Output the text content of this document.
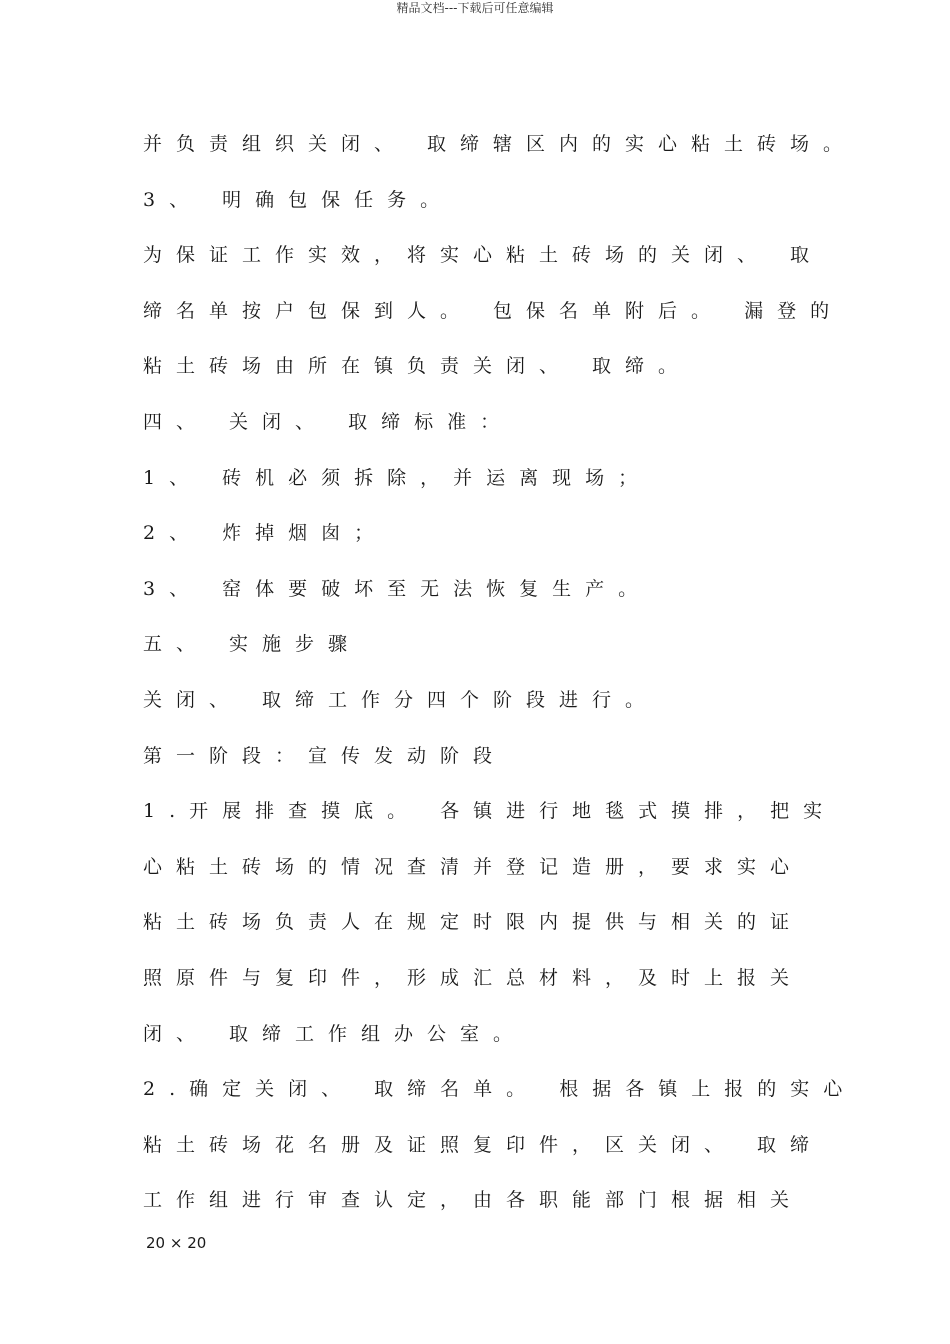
精品文档---下载后可任意编辑
并负责组织关闭、 取缔辖区内的实心粘土砖场。
3、 明确包保任务。
为保证工作实效，将实心粘土砖场的关闭、 取
缔名单按户包保到人。 包保名单附后。 漏登的
粘土砖场由所在镇负责关闭、 取缔。
四、 关闭、 取缔标准：
1、 砖机必须拆除，并运离现场；
2、 炸掉烟囱；
3、 窑体要破坏至无法恢复生产。
五、 实施步骤
关闭、 取缔工作分四个阶段进行。
第一阶段：宣传发动阶段
1.开展排查摸底。 各镇进行地毯式摸排，把实
心粘土砖场的情况查清并登记造册，要求实心
粘土砖场负责人在规定时限内提供与相关的证
照原件与复印件，形成汇总材料，及时上报关
闭、 取缔工作组办公室。
2.确定关闭、 取缔名单。 根据各镇上报的实心
粘土砖场花名册及证照复印件，区关闭、 取缔
工作组进行审查认定，由各职能部门根据相关
20 × 20
